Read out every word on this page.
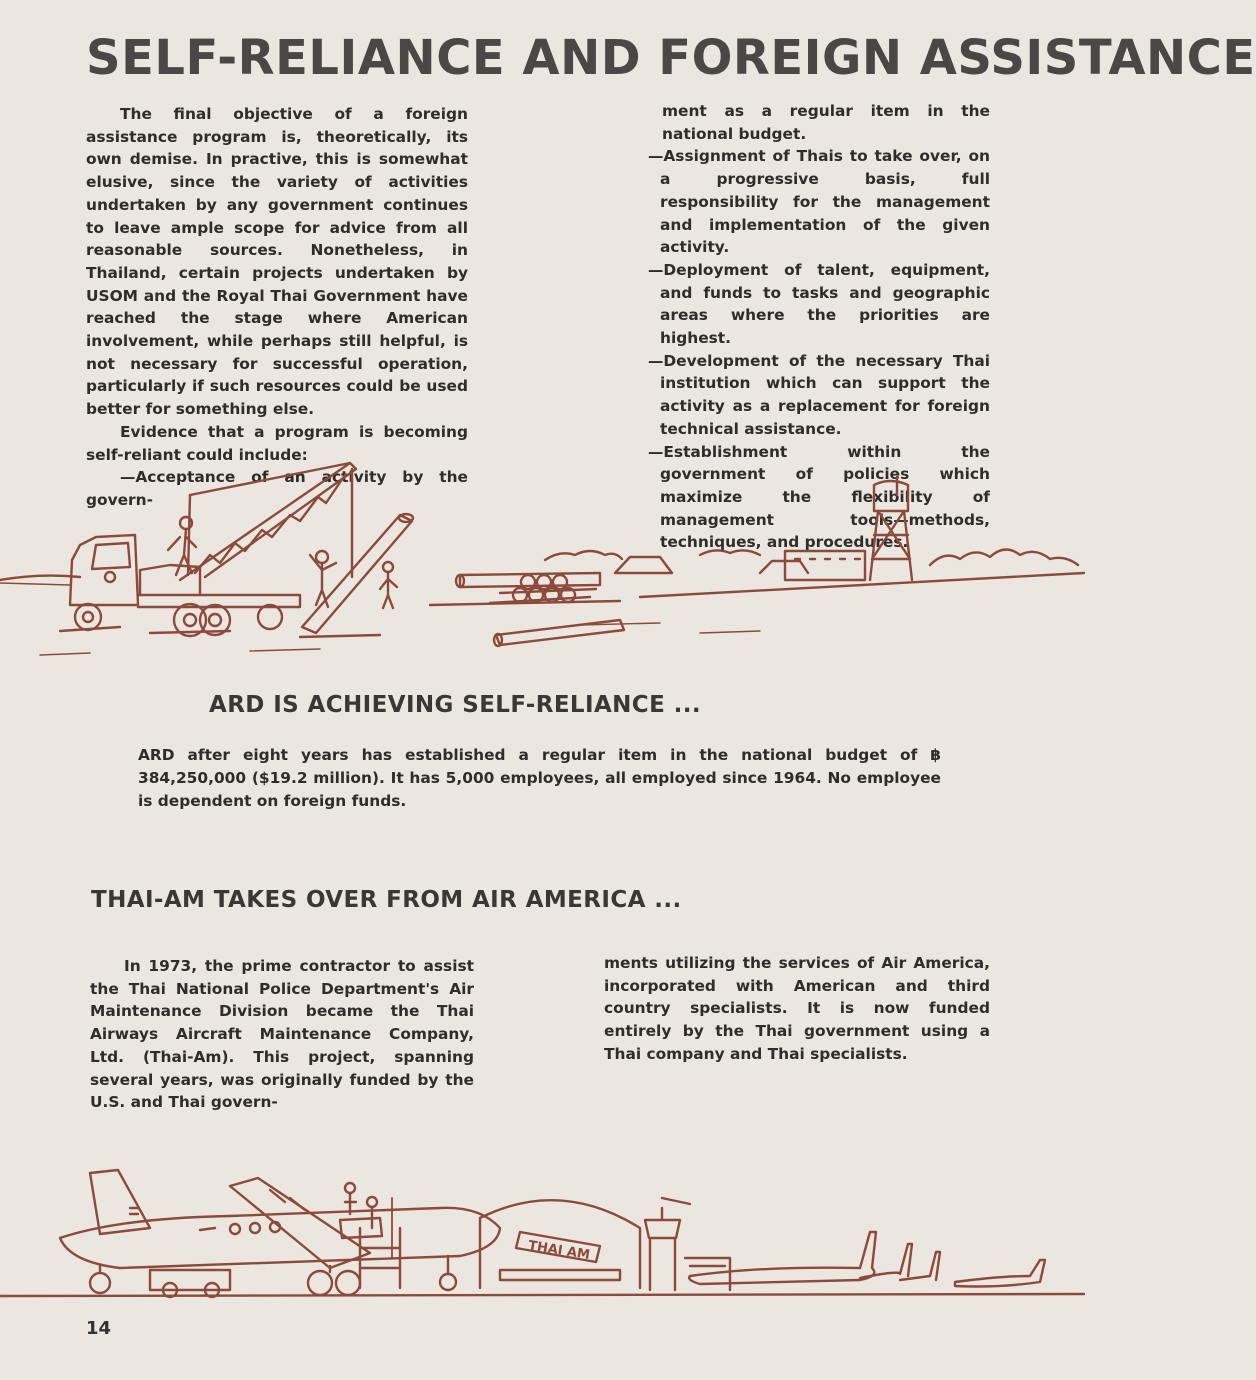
SELF-RELIANCE AND FOREIGN ASSISTANCE

The final objective of a foreign assistance program is, theoretically, its own demise. In practive, this is somewhat elusive, since the variety of activities undertaken by any government continues to leave ample scope for advice from all reasonable sources. Nonetheless, in Thailand, certain projects undertaken by USOM and the Royal Thai Government have reached the stage where American involvement, while perhaps still helpful, is not necessary for successful operation, particularly if such resources could be used better for something else.

Evidence that a program is becoming self-reliant could include:

—Acceptance of an activity by the govern-

ment as a regular item in the national budget.

—Assignment of Thais to take over, on a progressive basis, full responsibility for the management and implementation of the given activity.

—Deployment of talent, equipment, and funds to tasks and geographic areas where the priorities are highest.

—Development of the necessary Thai institution which can support the activity as a replacement for foreign technical assistance.

—Establishment within the government of policies which maximize the flexibility of management tools—methods, techniques, and procedures.

ARD IS ACHIEVING SELF-RELIANCE ...

ARD after eight years has established a regular item in the national budget of ฿ 384,250,000 ($19.2 million). It has 5,000 employees, all employed since 1964. No employee is dependent on foreign funds.

THAI-AM TAKES OVER FROM AIR AMERICA ...

In 1973, the prime contractor to assist the Thai National Police Department's Air Maintenance Division became the Thai Airways Aircraft Maintenance Company, Ltd. (Thai-Am). This project, spanning several years, was originally funded by the U.S. and Thai govern-

ments utilizing the services of Air America, incorporated with American and third country specialists. It is now funded entirely by the Thai government using a Thai company and Thai specialists.

THAI AM
14
